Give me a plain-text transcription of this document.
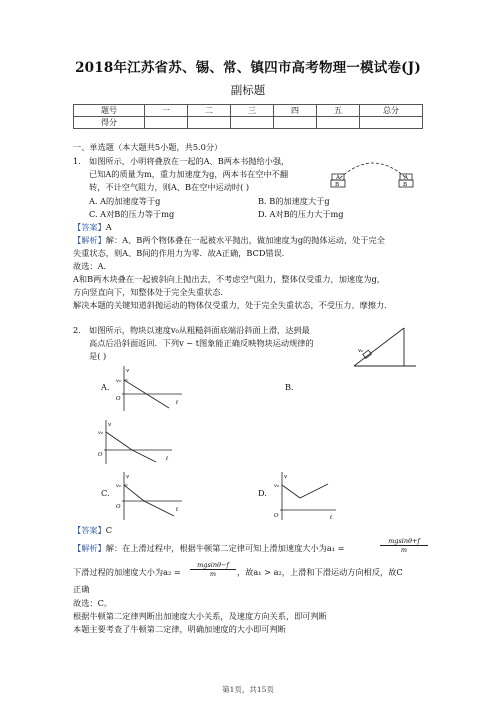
2018年江苏省苏、锡、常、镇四市高考物理一模试卷(J)
副标题
题号	一	二	三	四	五	总分
得分						
一、单选题（本大题共5小题，共5.0分）
1. 如图所示，小明将叠放在一起的A、B两本书抛给小强，
已知A的质量为m，重力加速度为g，两本书在空中不翻
转，不计空气阻力，则A、B在空中运动时( )
A
B
A
B
A. A的加速度等于g	B. B的加速度大于g
C. A对B的压力等于mg	D. A对B的压力大于mg
【答案】A
【解析】解：A、B两个物体叠在一起被水平抛出，做加速度为g的抛体运动，处于完全
失重状态，则A、B间的作用力为零．故A正确，BCD错误．
故选：A．
A和B两木块叠在一起被斜向上抛出去，不考虑空气阻力，整体仅受重力，加速度为g，
方向竖直向下，知整体处于完全失重状态．
解决本题的关键知道斜抛运动的物体仅受重力，处于完全失重状态，不受压力、摩擦力．
2. 如图所示，物块以速度v₀从粗糙斜面底端沿斜面上滑，达到最
高点后沿斜面返回．下列v − t图象能正确反映物块运动规律的
是( )	v₀
A.
v
v₀
O
t
B.
v
v₀
O
t
C.
v
v₀
O	t
D.
v
v₀
O	t
【答案】C
【解析】解：在上滑过程中，根据牛顿第二定律可知上滑加速度大小为a₁ =	$\frac{mgsin\theta+f}{m}$
下滑过程的加速度大小为$a_2 = \frac{mgsin\theta-f}{m}$ ，故a₁ > a₂，上滑和下滑运动方向相反，故C
正确
故选：C。
根据牛顿第二定律判断出加速度大小关系，及速度方向关系，即可判断
本题主要考查了牛顿第二定律，明确加速度的大小即可判断
第1页，共15页
